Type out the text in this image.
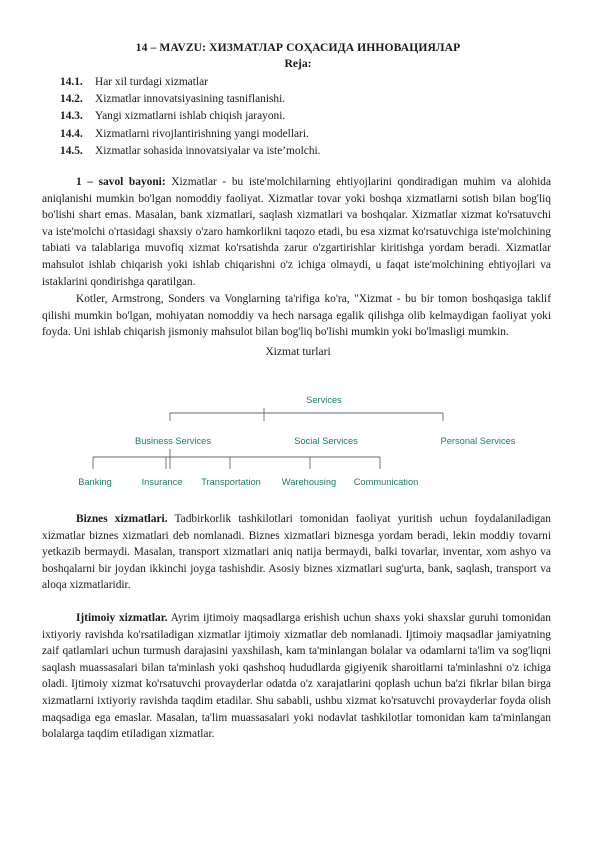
14 – MAVZU: ХИЗМАТЛАР СОҲАСИДА ИННОВАЦИЯЛАР
Reja:
14.1. Har xil turdagi xizmatlar
14.2. Xizmatlar innovatsiyasining tasniflanishi.
14.3. Yangi xizmatlarni ishlab chiqish jarayoni.
14.4. Xizmatlarni rivojlantirishning yangi modellari.
14.5. Xizmatlar sohasida innovatsiyalar va iste’molchi.

1 – savol bayoni: Xizmatlar - bu iste'molchilarning ehtiyojlarini qondiradigan muhim va alohida aniqlanishi mumkin bo'lgan nomoddiy faoliyat. Xizmatlar tovar yoki boshqa xizmatlarni sotish bilan bog'liq bo'lishi shart emas. Masalan, bank xizmatlari, saqlash xizmatlari va boshqalar. Xizmatlar xizmat ko'rsatuvchi va iste'molchi o'rtasidagi shaxsiy o'zaro hamkorlikni taqozo etadi, bu esa xizmat ko'rsatuvchiga iste'molchining tabiati va talablariga muvofiq xizmat ko'rsatishda zarur o'zgartirishlar kiritishga yordam beradi. Xizmatlar mahsulot ishlab chiqarish yoki ishlab chiqarishni o'z ichiga olmaydi, u faqat iste'molchining ehtiyojlari va istaklarini qondirishga qaratilgan.

Kotler, Armstrong, Sonders va Vonglarning ta'rifiga ko'ra, "Xizmat - bu bir tomon boshqasiga taklif qilishi mumkin bo'lgan, mohiyatan nomoddiy va hech narsaga egalik qilishga olib kelmaydigan faoliyat yoki foyda. Uni ishlab chiqarish jismoniy mahsulot bilan bog'liq bo'lishi mumkin yoki bo'lmasligi mumkin.

Xizmat turlari
Services
Business Services	Social Services	Personal Services
Banking	Insurance Transportation Warehousing Communication

Biznes xizmatlari. Tadbirkorlik tashkilotlari tomonidan faoliyat yuritish uchun foydalaniladigan xizmatlar biznes xizmatlari deb nomlanadi. Biznes xizmatlari biznesga yordam beradi, lekin moddiy tovarni yetkazib bermaydi. Masalan, transport xizmatlari aniq natija bermaydi, balki tovarlar, inventar, xom ashyo va boshqalarni bir joydan ikkinchi joyga tashishdir. Asosiy biznes xizmatlari sug'urta, bank, saqlash, transport va aloqa xizmatlaridir.

Ijtimoiy xizmatlar. Ayrim ijtimoiy maqsadlarga erishish uchun shaxs yoki shaxslar guruhi tomonidan ixtiyoriy ravishda ko'rsatiladigan xizmatlar ijtimoiy xizmatlar deb nomlanadi. Ijtimoiy maqsadlar jamiyatning zaif qatlamlari uchun turmush darajasini yaxshilash, kam ta'minlangan bolalar va odamlarni ta'lim va sog'liqni saqlash muassasalari bilan ta'minlash yoki qashshoq hududlarda gigiyenik sharoitlarni ta'minlashni o'z ichiga oladi. Ijtimoiy xizmat ko'rsatuvchi provayderlar odatda o'z xarajatlarini qoplash uchun ba'zi fikrlar bilan birga xizmatlarni ixtiyoriy ravishda taqdim etadilar. Shu sababli, ushbu xizmat ko'rsatuvchi provayderlar foyda olish maqsadiga ega emaslar. Masalan, ta'lim muassasalari yoki nodavlat tashkilotlar tomonidan kam ta'minlangan bolalarga taqdim etiladigan xizmatlar.
